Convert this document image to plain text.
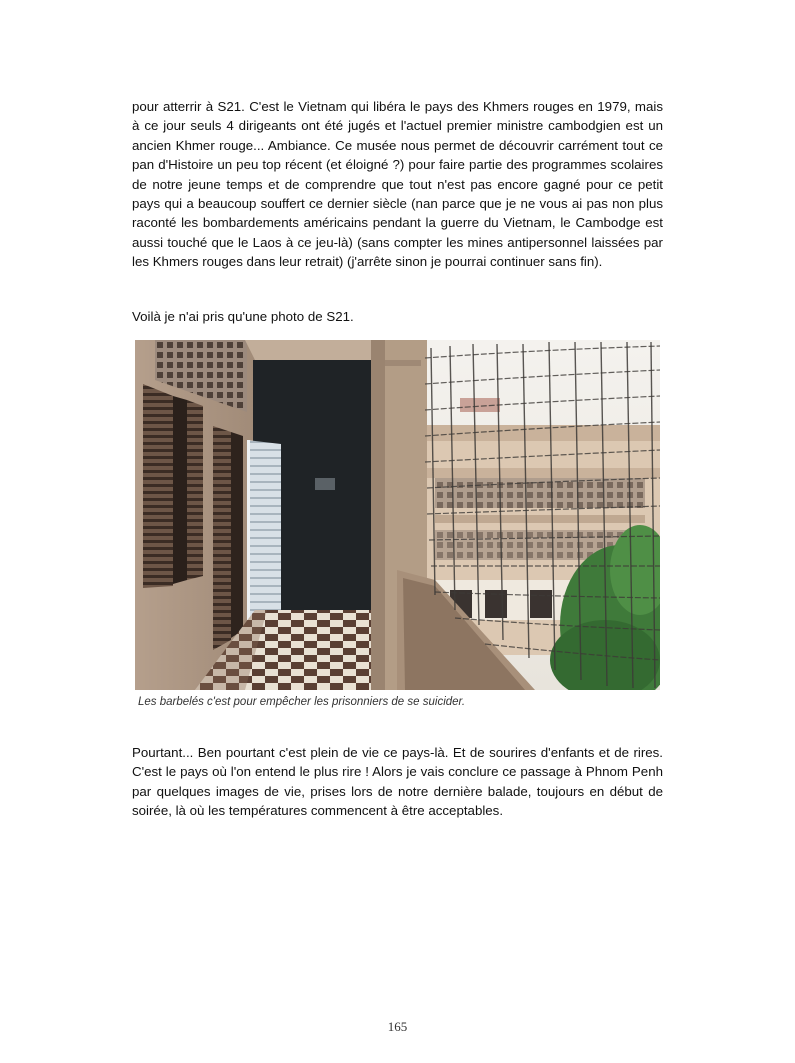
pour atterrir à S21. C'est le Vietnam qui libéra le pays des Khmers rouges en 1979, mais à ce jour seuls 4 dirigeants ont été jugés et l'actuel premier ministre cambodgien est un ancien Khmer rouge... Ambiance. Ce musée nous permet de découvrir carrément tout ce pan d'Histoire un peu top récent (et éloigné ?) pour faire partie des programmes scolaires de notre jeune temps et de comprendre que tout n'est pas encore gagné pour ce petit pays qui a beaucoup souffert ce dernier siècle (nan parce que je ne vous ai pas non plus raconté les bombardements américains pendant la guerre du Vietnam, le Cambodge est aussi touché que le Laos à ce jeu-là) (sans compter les mines antipersonnel laissées par les Khmers rouges dans leur retrait) (j'arrête sinon je pourrai continuer sans fin).

Voilà je n'ai pris qu'une photo de S21.

Les barbelés c'est pour empêcher les prisonniers de se suicider.

Pourtant... Ben pourtant c'est plein de vie ce pays-là. Et de sourires d'enfants et de rires. C'est le pays où l'on entend le plus rire ! Alors je vais conclure ce passage à Phnom Penh par quelques images de vie, prises lors de notre dernière balade, toujours en début de soirée, là où les températures commencent à être acceptables.

165
